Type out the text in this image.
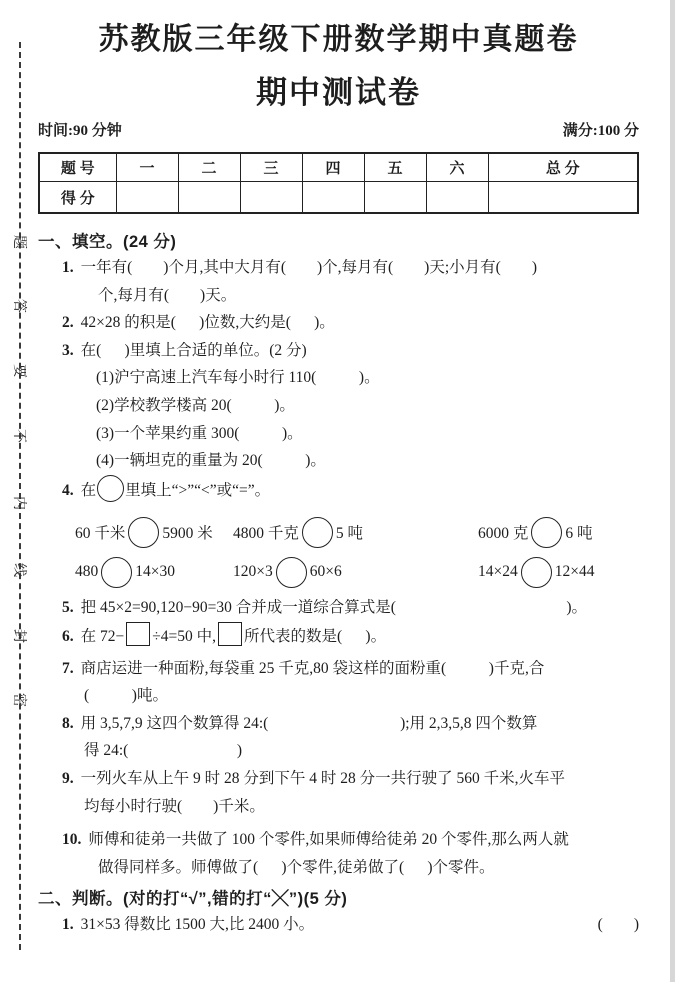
题
答
要
不
内
线
封
密
苏教版三年级下册数学期中真题卷
期中测试卷
时间:90 分钟	满分:100 分
题 号	一	二	三	四	五	六	总 分
得 分							
一、填空。(24 分)
1. 一年有(        )个月,其中大月有(        )个,每月有(        )天;小月有(        )
个,每月有(        )天。
2. 42×28 的积是(      )位数,大约是(      )。
3. 在(      )里填上合适的单位。(2 分)
(1)沪宁高速上汽车每小时行 110(           )。
(2)学校教学楼高 20(           )。
(3)一个苹果约重 300(           )。
(4)一辆坦克的重量为 20(           )。
4. 在 里填上“>”“<”或“=”。
60 千米 5900 米 4800 千克 5 吨	6000 克 6 吨
480 14×30	120×3 60×6	14×24 12×44
5. 把 45×2=90,120−90=30 合并成一道综合算式是(                                            )。
6. 在 72− ÷4=50 中, 所代表的数是(      )。
7. 商店运进一种面粉,每袋重 25 千克,80 袋这样的面粉重(           )千克,合
(           )吨。
8. 用 3,5,7,9 这四个数算得 24:(                                  );用 2,3,5,8 四个数算
得 24:(                            )
9. 一列火车从上午 9 时 28 分到下午 4 时 28 分一共行驶了 560 千米,火车平
均每小时行驶(        )千米。
10. 师傅和徒弟一共做了 100 个零件,如果师傅给徒弟 20 个零件,那么两人就
做得同样多。师傅做了(      )个零件,徒弟做了(      )个零件。
二、判断。(对的打“√”,错的打“╳”)(5 分)
1. 31×53 得数比 1500 大,比 2400 小。	(        )
